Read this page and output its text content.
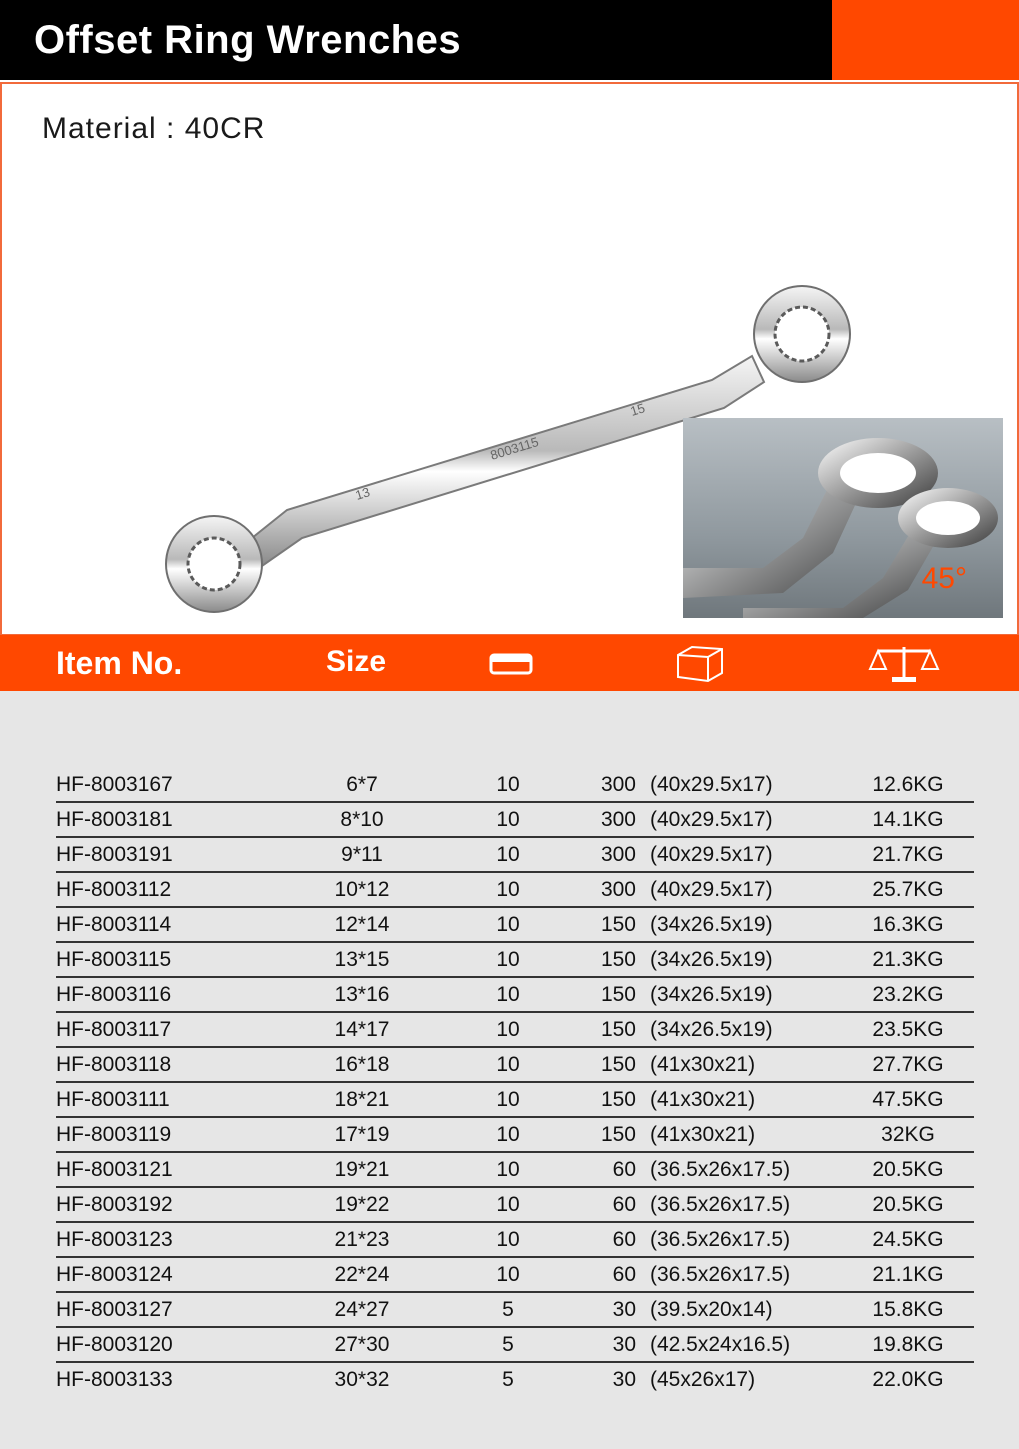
Offset Ring Wrenches
Material : 40CR
13
8003115
15
45°
Item No.	Size
HF-8003167	6*7	10	300 (40x29.5x17)	12.6KG
HF-8003181	8*10	10	300 (40x29.5x17)	14.1KG
HF-8003191	9*11	10	300 (40x29.5x17)	21.7KG
HF-8003112	10*12	10	300 (40x29.5x17)	25.7KG
HF-8003114	12*14	10	150 (34x26.5x19)	16.3KG
HF-8003115	13*15	10	150 (34x26.5x19)	21.3KG
HF-8003116	13*16	10	150 (34x26.5x19)	23.2KG
HF-8003117	14*17	10	150 (34x26.5x19)	23.5KG
HF-8003118	16*18	10	150 (41x30x21)	27.7KG
HF-8003111	18*21	10	150 (41x30x21)	47.5KG
HF-8003119	17*19	10	150 (41x30x21)	32KG
HF-8003121	19*21	10	60 (36.5x26x17.5)	20.5KG
HF-8003192	19*22	10	60 (36.5x26x17.5)	20.5KG
HF-8003123	21*23	10	60 (36.5x26x17.5)	24.5KG
HF-8003124	22*24	10	60 (36.5x26x17.5)	21.1KG
HF-8003127	24*27	5	30 (39.5x20x14)	15.8KG
HF-8003120	27*30	5	30 (42.5x24x16.5)	19.8KG
HF-8003133	30*32	5	30 (45x26x17)	22.0KG
